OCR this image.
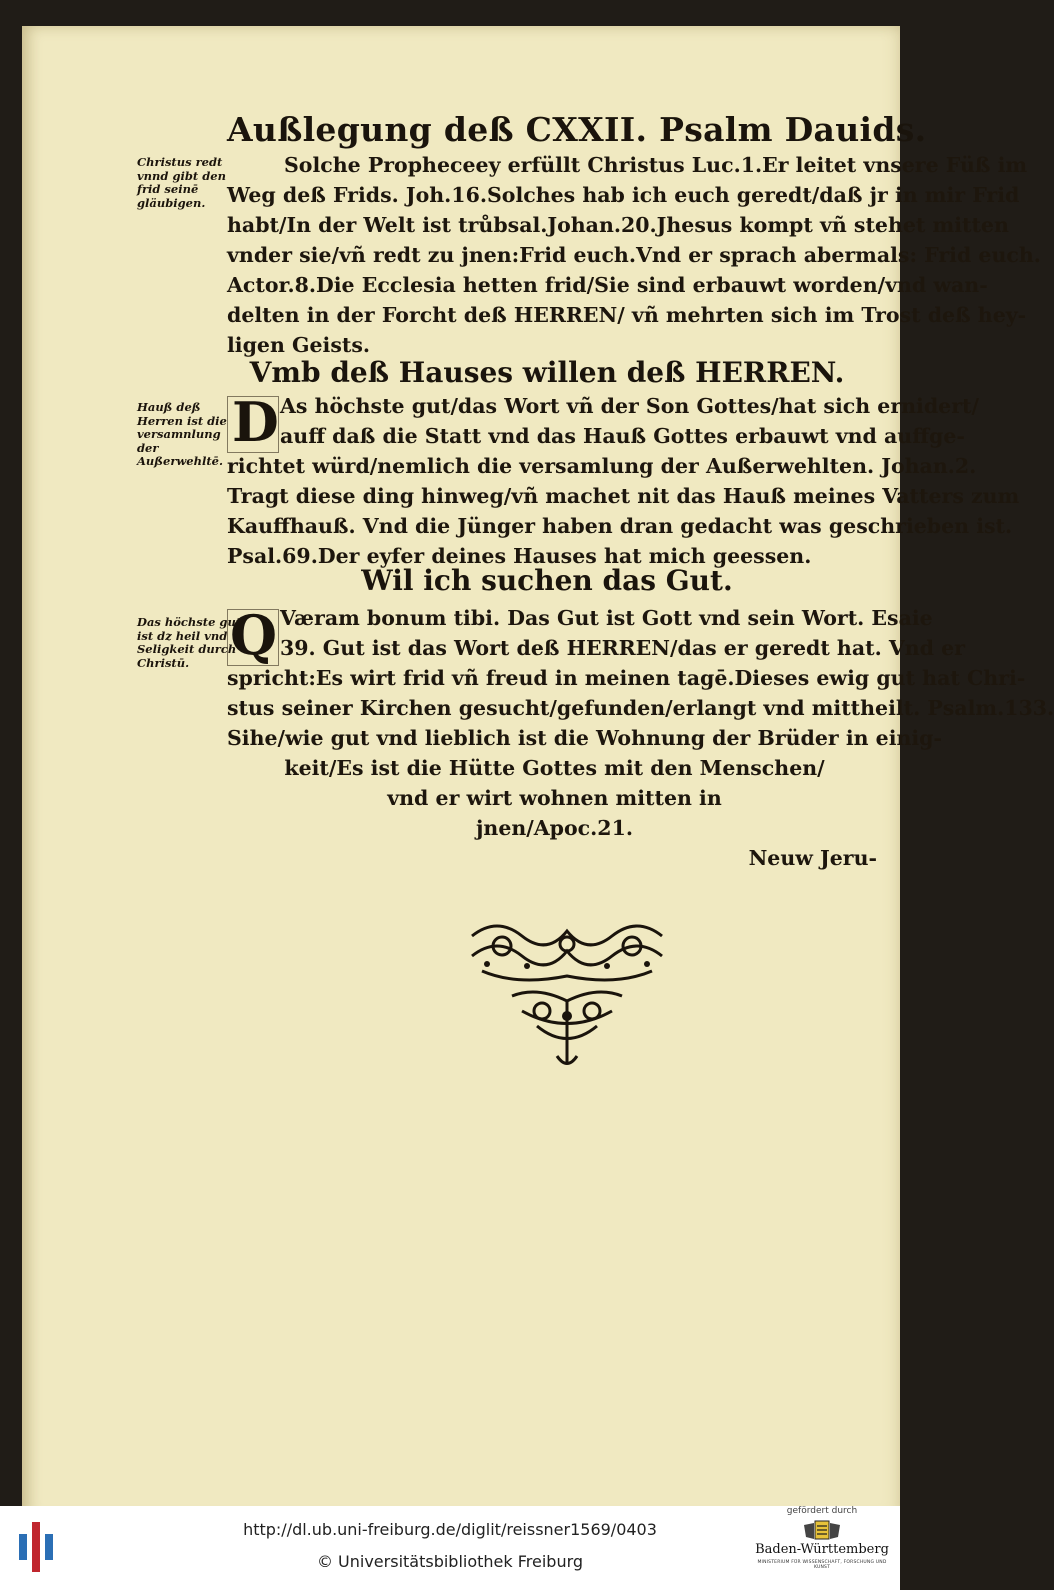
Außlegung deß CXXII. Psalm Dauids.
Christus redt vnnd gibt den frid seinē gläubigen.
Solche Propheceey erfüllt Christus Luc.1.Er leitet vnsere Füß im
Weg deß Frids. Joh.16.Solches hab ich euch geredt/daß jr in mir Frid
habt/In der Welt ist trůbsal.Johan.20.Jhesus kompt vñ stehet mitten
vnder sie/vñ redt zu jnen:Frid euch.Vnd er sprach abermals: Frid euch.
Actor.8.Die Ecclesia hetten frid/Sie sind erbauwt worden/vnd wan-
delten in der Forcht deß HERREN/ vñ mehrten sich im Trost deß hey-
ligen Geists.
Vmb deß Hauses willen deß HERREN.
Hauß deß Herren ist die versamnlung der Außerwehltē.
D As höchste gut/das Wort vñ der Son Gottes/hat sich ernidert/
auff daß die Statt vnd das Hauß Gottes erbauwt vnd auffge-
richtet würd/nemlich die versamlung der Außerwehlten. Johan.2.
Tragt diese ding hinweg/vñ machet nit das Hauß meines Vatters zum
Kauffhauß. Vnd die Jünger haben dran gedacht was geschrieben ist.
Psal.69.Der eyfer deines Hauses hat mich geessen.
Wil ich suchen das Gut.
Das höchste gut ist dz heil vnd Seligkeit durch Christū. Q Væram bonum tibi. Das Gut ist Gott vnd sein Wort. Esaie
39. Gut ist das Wort deß HERREN/das er geredt hat. Vnd er
spricht:Es wirt frid vñ freud in meinen tagē.Dieses ewig gut hat Chri-
stus seiner Kirchen gesucht/gefunden/erlangt vnd mittheilt. Psalm.133.
Sihe/wie gut vnd lieblich ist die Wohnung der Brüder in einig-
keit/Es ist die Hütte Gottes mit den Menschen/
vnd er wirt wohnen mitten in
jnen/Apoc.21.
Neuw Jeru-
http://dl.ub.uni-freiburg.de/diglit/reissner1569/0403
© Universitätsbibliothek Freiburg
gefördert durch
Baden-Württemberg
MINISTERIUM FÜR WISSENSCHAFT, FORSCHUNG UND KUNST
